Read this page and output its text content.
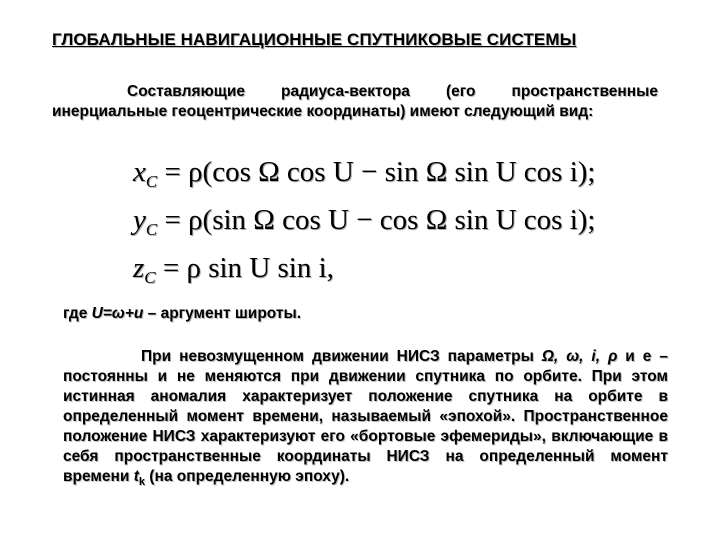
ГЛОБАЛЬНЫЕ НАВИГАЦИОННЫЕ СПУТНИКОВЫЕ СИСТЕМЫ
Составляющие радиуса-вектора (его пространственные инерциальные геоцентрические координаты) имеют следующий вид:
$x_C = \rho(\cos$ Ω cos U − sin Ω sin U cos i);
$y_C = \rho(\sin$ Ω cos U − cos Ω sin U cos i);
$z_C = \rho$ sin U sin i,
где U=ω+u – аргумент широты.
При невозмущенном движении НИСЗ параметры Ω, ω, i, ρ и e – постоянны и не меняются при движении спутника по орбите. При этом истинная аномалия характеризует положение спутника на орбите в определенный момент времени, называемый «эпохой». Пространственное положение НИСЗ характеризуют его «бортовые эфемериды», включающие в себя пространственные координаты НИСЗ на определенный момент времени $t_k$ (на определенную эпоху).
